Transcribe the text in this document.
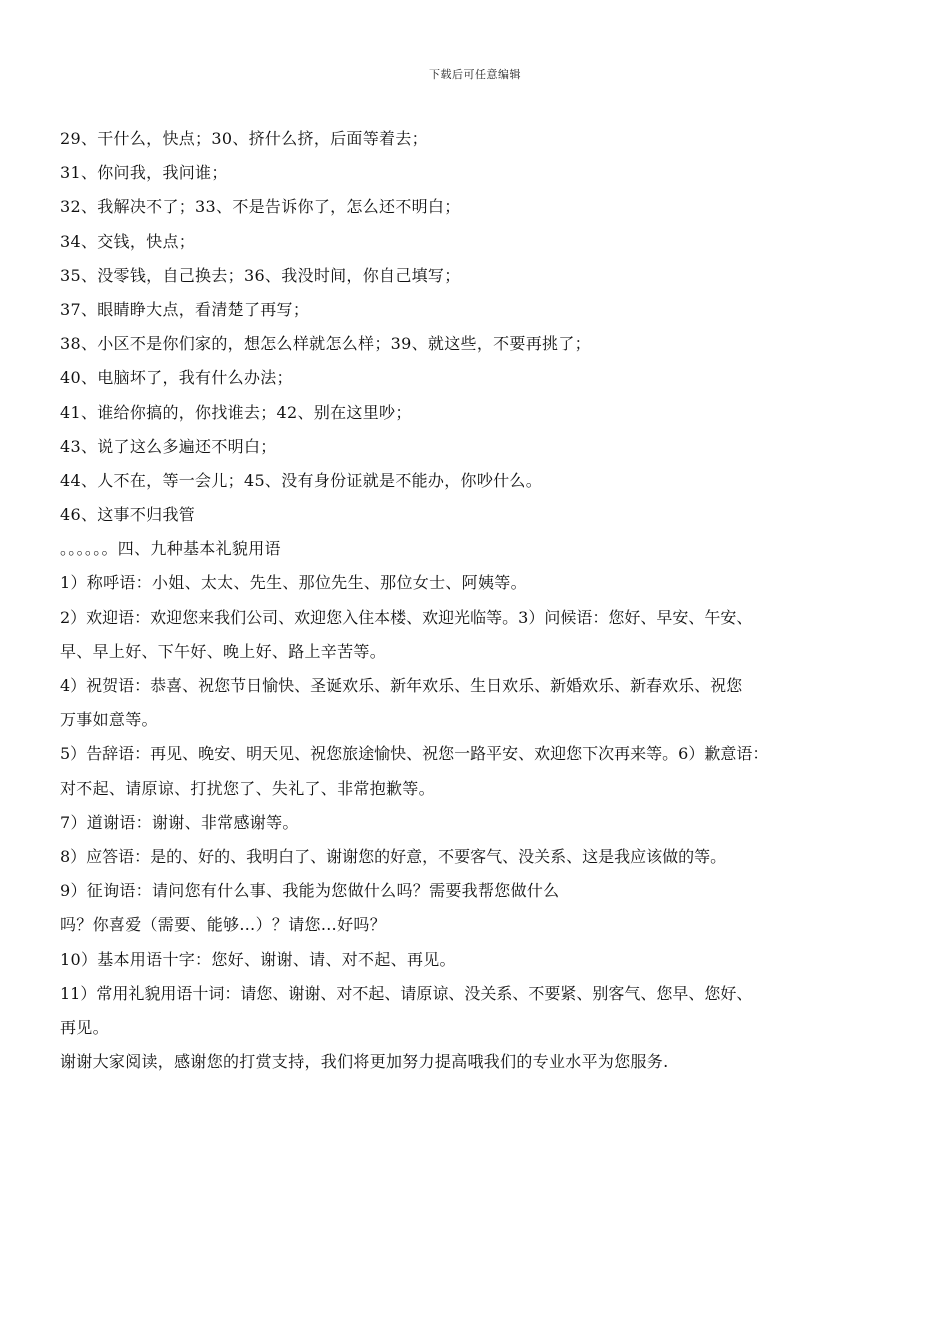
下载后可任意编辑
29、干什么，快点；30、挤什么挤，后面等着去；
31、你问我，我问谁；
32、我解决不了；33、不是告诉你了，怎么还不明白；
34、交钱，快点；
35、没零钱，自己换去；36、我没时间，你自己填写；
37、眼睛睁大点，看清楚了再写；
38、小区不是你们家的，想怎么样就怎么样；39、就这些，不要再挑了；
40、电脑坏了，我有什么办法；
41、谁给你搞的，你找谁去；42、别在这里吵；
43、说了这么多遍还不明白；
44、人不在，等一会儿；45、没有身份证就是不能办，你吵什么。
46、这事不归我管
。。。。。。四、九种基本礼貌用语
1）称呼语：小姐、太太、先生、那位先生、那位女士、阿姨等。
2）欢迎语：欢迎您来我们公司、欢迎您入住本楼、欢迎光临等。3）问候语：您好、早安、午安、
早、早上好、下午好、晚上好、路上辛苦等。
4）祝贺语：恭喜、祝您节日愉快、圣诞欢乐、新年欢乐、生日欢乐、新婚欢乐、新春欢乐、祝您
万事如意等。
5）告辞语：再见、晚安、明天见、祝您旅途愉快、祝您一路平安、欢迎您下次再来等。6）歉意语：
对不起、请原谅、打扰您了、失礼了、非常抱歉等。
7）道谢语：谢谢、非常感谢等。
8）应答语：是的、好的、我明白了、谢谢您的好意，不要客气、没关系、这是我应该做的等。
9）征询语：请问您有什么事、我能为您做什么吗？需要我帮您做什么
吗？你喜爱（需要、能够…）？请您…好吗？
10）基本用语十字：您好、谢谢、请、对不起、再见。
11）常用礼貌用语十词：请您、谢谢、对不起、请原谅、没关系、不要紧、别客气、您早、您好、
再见。
谢谢大家阅读，感谢您的打赏支持，我们将更加努力提高哦我们的专业水平为您服务.
